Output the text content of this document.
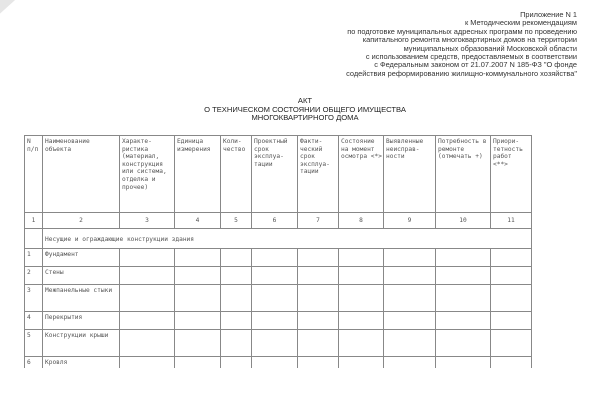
NoNumber.ru	Приложение N 1
к Методическим рекомендациям
по подготовке муниципальных адресных программ по проведению
капитального ремонта многоквартирных домов на территории
муниципальных образований Московской области
с использованием средств, предоставляемых в соответствии
с Федеральным законом от 21.07.2007 N 185-ФЗ "О фонде
содействия реформированию жилищно-коммунального хозяйства"
АКТ
О ТЕХНИЧЕСКОМ СОСТОЯНИИ ОБЩЕГО ИМУЩЕСТВА
МНОГОКВАРТИРНОГО ДОМА
N п/п	Наименование объекта	Характе- ристика (материал, конструкция или система, отделка и прочее)	Единица измерения	Коли- чество	Проектный срок эксплуа- тации	Факти- ческий срок эксплуа- тации	Состояние на момент осмотра <*>	Выявленные неисправ- ности	Потребность в ремонте (отмечать +)	Приори- тетность работ <**>
1	2	3	4	5	6	7	8	9	10	11
	Несущие и ограждающие конструкции здания									
1	Фундамент									
2	Стены									
3	Межпанельные стыки									
4	Перекрытия									
5	Конструкции крыши									
6	Кровля									
